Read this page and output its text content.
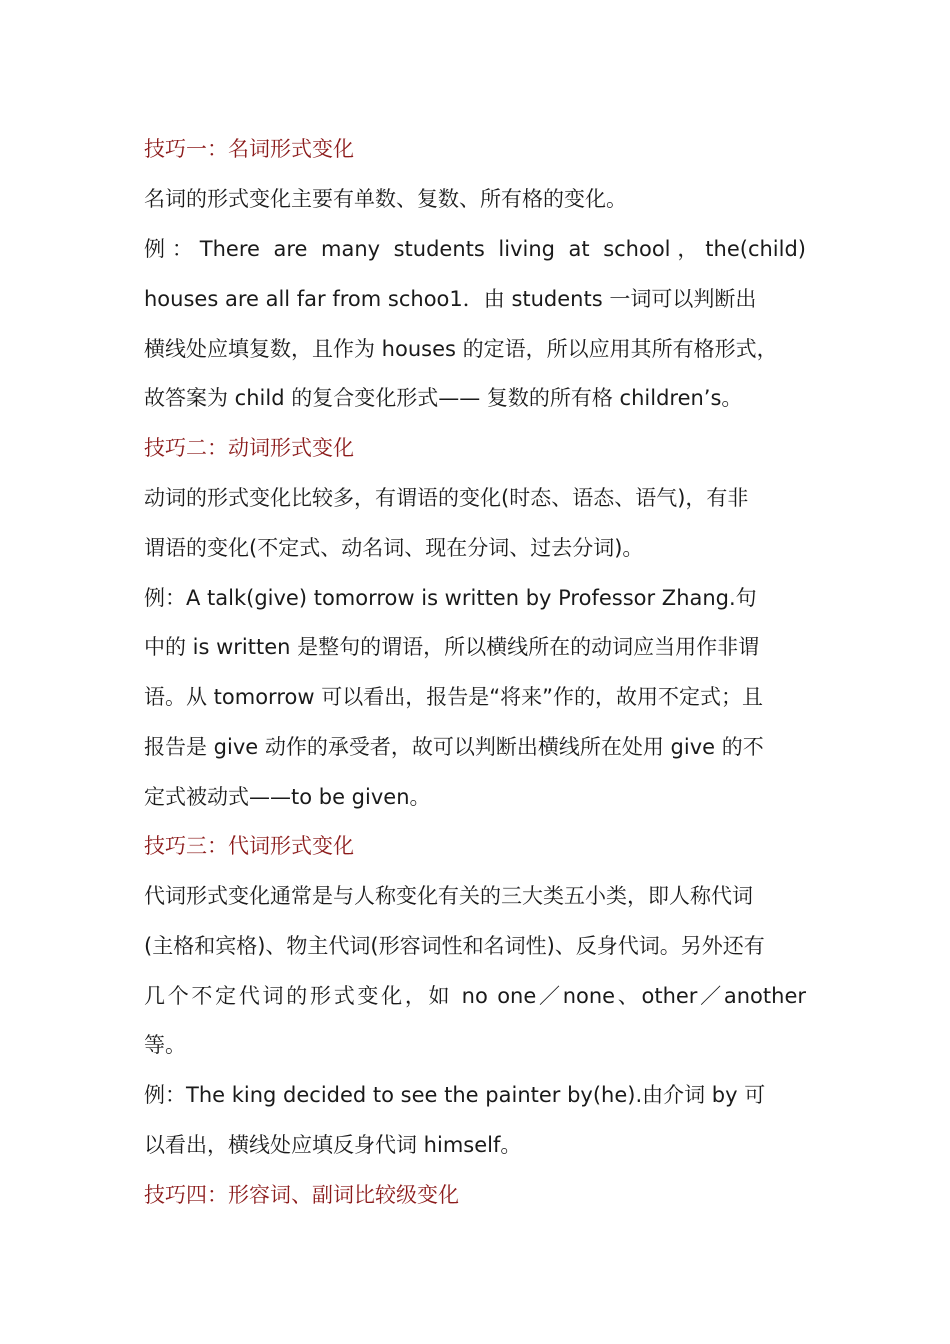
技巧一：名词形式变化
名词的形式变化主要有单数、复数、所有格的变化。
例：There are many students living at school，the(child)
houses are all far from schoo1．由 students 一词可以判断出
横线处应填复数，且作为 houses 的定语，所以应用其所有格形式，
故答案为 child 的复合变化形式—— 复数的所有格 children’s。
技巧二：动词形式变化
动词的形式变化比较多，有谓语的变化(时态、语态、语气)，有非
谓语的变化(不定式、动名词、现在分词、过去分词)。
例：A talk(give) tomorrow is written by Professor Zhang.句
中的 is written 是整句的谓语，所以横线所在的动词应当用作非谓
语。从 tomorrow 可以看出，报告是“将来”作的，故用不定式；且
报告是 give 动作的承受者，故可以判断出横线所在处用 give 的不
定式被动式——to be given。
技巧三：代词形式变化
代词形式变化通常是与人称变化有关的三大类五小类，即人称代词
(主格和宾格)、物主代词(形容词性和名词性)、反身代词。另外还有
几个不定代词的形式变化，如 no one／none、other／another
等。
例：The king decided to see the painter by(he).由介词 by 可
以看出，横线处应填反身代词 himself。
技巧四：形容词、副词比较级变化
